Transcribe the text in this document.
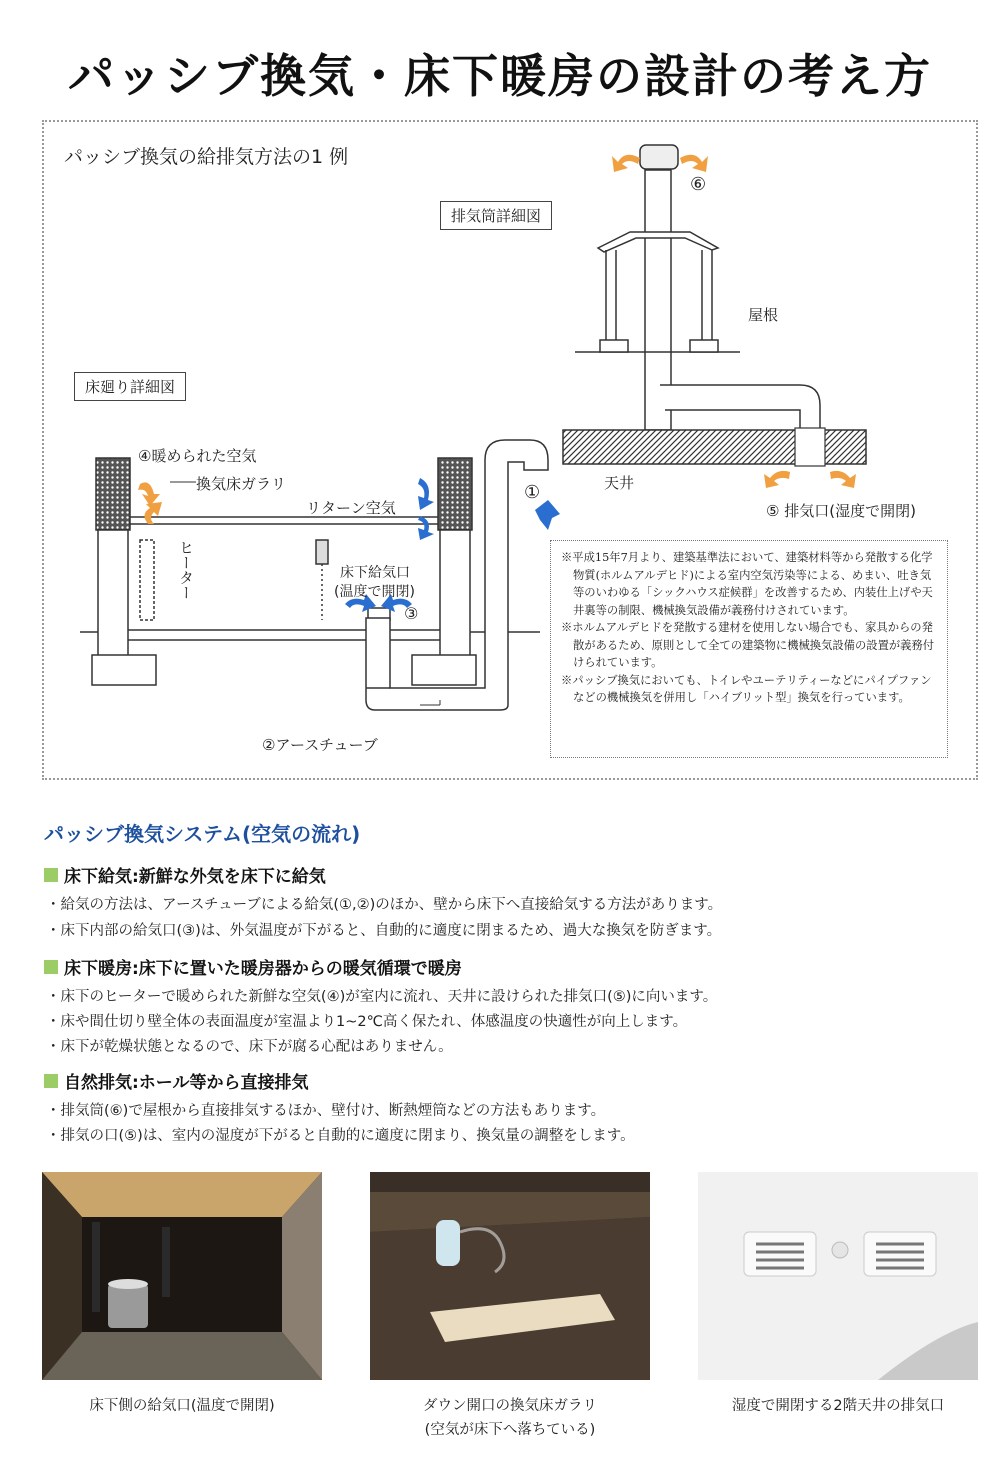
パッシブ換気・床下暖房の設計の考え方
パッシブ換気の給排気方法の1 例
排気筒詳細図
床廻り詳細図
屋根
天井
④暖められた空気
換気床ガラリ
リターン空気
ヒーター	床下給気口
(温度で開閉)
③
①
⑥
②アースチューブ
⑤ 排気口(湿度で開閉)

※平成15年7月より、建築基準法において、建築材料等から発散する化学物質(ホルムアルデヒド)による室内空気汚染等による、めまい、吐き気等のいわゆる「シックハウス症候群」を改善するため、内装仕上げや天井裏等の制限、機械換気設備が義務付けされています。

※ホルムアルデヒドを発散する建材を使用しない場合でも、家具からの発散があるため、原則として全ての建築物に機械換気設備の設置が義務付けられています。

※パッシブ換気においても、トイレやユーテリティーなどにパイプファンなどの機械換気を併用し「ハイブリット型」換気を行っています。

パッシブ換気システム(空気の流れ)
床下給気:新鮮な外気を床下に給気
・給気の方法は、アースチューブによる給気(①,②)のほか、壁から床下へ直接給気する方法があります。
・床下内部の給気口(③)は、外気温度が下がると、自動的に適度に閉まるため、過大な換気を防ぎます。
床下暖房:床下に置いた暖房器からの暖気循環で暖房
・床下のヒーターで暖められた新鮮な空気(④)が室内に流れ、天井に設けられた排気口(⑤)に向います。
・床や間仕切り壁全体の表面温度が室温より1~2℃高く保たれ、体感温度の快適性が向上します。
・床下が乾燥状態となるので、床下が腐る心配はありません。
自然排気:ホール等から直接排気
・排気筒(⑥)で屋根から直接排気するほか、壁付け、断熱煙筒などの方法もあります。
・排気の口(⑤)は、室内の湿度が下がると自動的に適度に閉まり、換気量の調整をします。
床下側の給気口(温度で開閉)	ダウン開口の換気床ガラリ
(空気が床下へ落ちている)
湿度で開閉する2階天井の排気口
